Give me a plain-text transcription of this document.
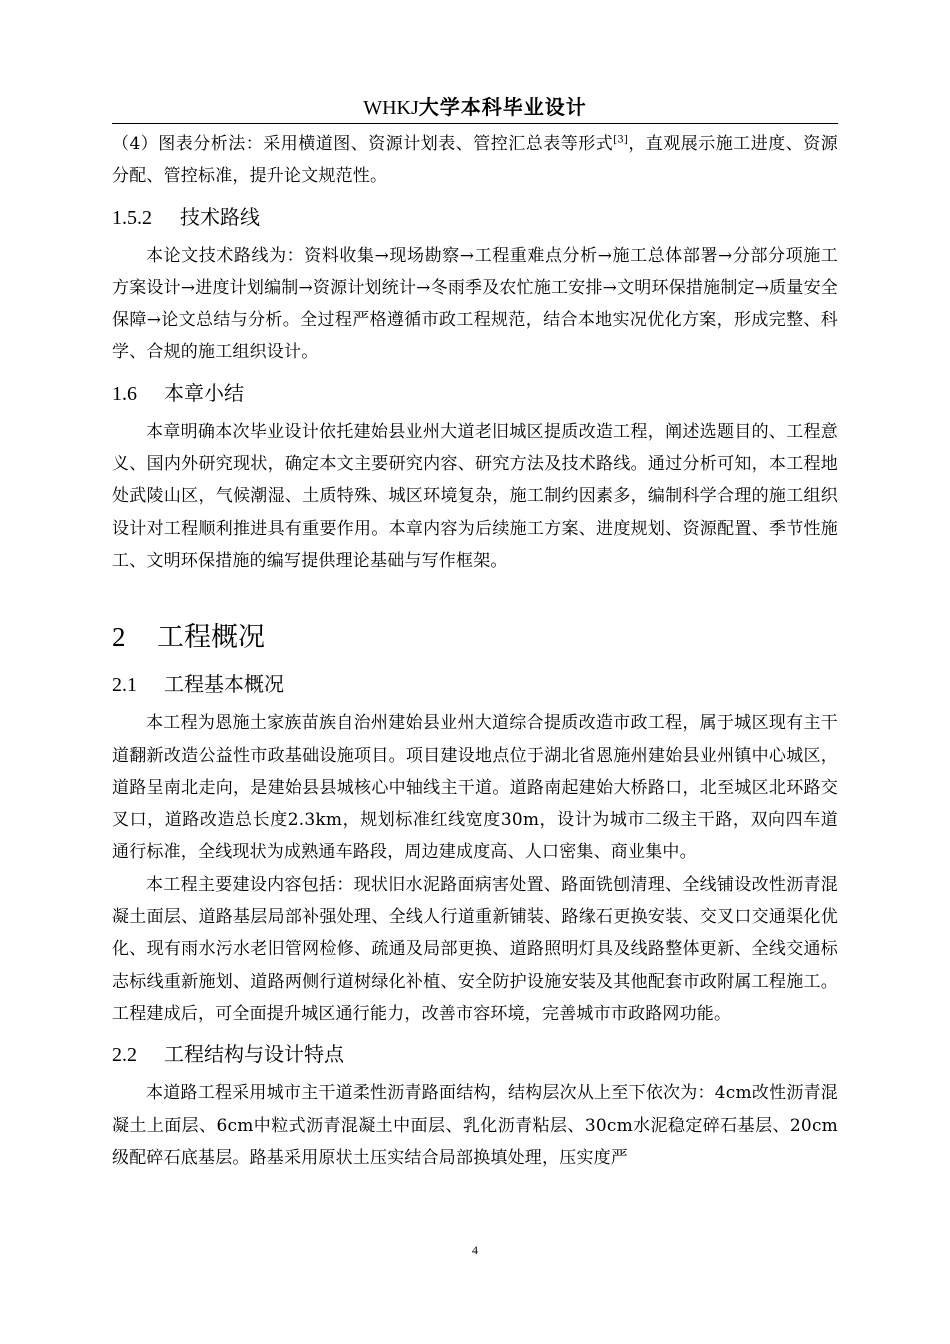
WHKJ大学本科毕业设计

（4）图表分析法：采用横道图、资源计划表、管控汇总表等形式[3]，直观展示施工进度、资源分配、管控标准，提升论文规范性。

1.5.2 技术路线

本论文技术路线为：资料收集→现场勘察→工程重难点分析→施工总体部署→分部分项施工方案设计→进度计划编制→资源计划统计→冬雨季及农忙施工安排→文明环保措施制定→质量安全保障→论文总结与分析。全过程严格遵循市政工程规范，结合本地实况优化方案，形成完整、科学、合规的施工组织设计。

1.6 本章小结

本章明确本次毕业设计依托建始县业州大道老旧城区提质改造工程，阐述选题目的、工程意义、国内外研究现状，确定本文主要研究内容、研究方法及技术路线。通过分析可知，本工程地处武陵山区，气候潮湿、土质特殊、城区环境复杂，施工制约因素多，编制科学合理的施工组织设计对工程顺利推进具有重要作用。本章内容为后续施工方案、进度规划、资源配置、季节性施工、文明环保措施的编写提供理论基础与写作框架。

2 工程概况
2.1 工程基本概况

本工程为恩施土家族苗族自治州建始县业州大道综合提质改造市政工程，属于城区现有主干道翻新改造公益性市政基础设施项目。项目建设地点位于湖北省恩施州建始县业州镇中心城区，道路呈南北走向，是建始县县城核心中轴线主干道。道路南起建始大桥路口，北至城区北环路交叉口，道路改造总长度2.3km，规划标准红线宽度30m，设计为城市二级主干路，双向四车道通行标准，全线现状为成熟通车路段，周边建成度高、人口密集、商业集中。

本工程主要建设内容包括：现状旧水泥路面病害处置、路面铣刨清理、全线铺设改性沥青混凝土面层、道路基层局部补强处理、全线人行道重新铺装、路缘石更换安装、交叉口交通渠化优化、现有雨水污水老旧管网检修、疏通及局部更换、道路照明灯具及线路整体更新、全线交通标志标线重新施划、道路两侧行道树绿化补植、安全防护设施安装及其他配套市政附属工程施工。工程建成后，可全面提升城区通行能力，改善市容环境，完善城市市政路网功能。

2.2 工程结构与设计特点

本道路工程采用城市主干道柔性沥青路面结构，结构层次从上至下依次为：4cm改性沥青混凝土上面层、6cm中粒式沥青混凝土中面层、乳化沥青粘层、30cm水泥稳定碎石基层、20cm级配碎石底基层。路基采用原状土压实结合局部换填处理，压实度严

4
